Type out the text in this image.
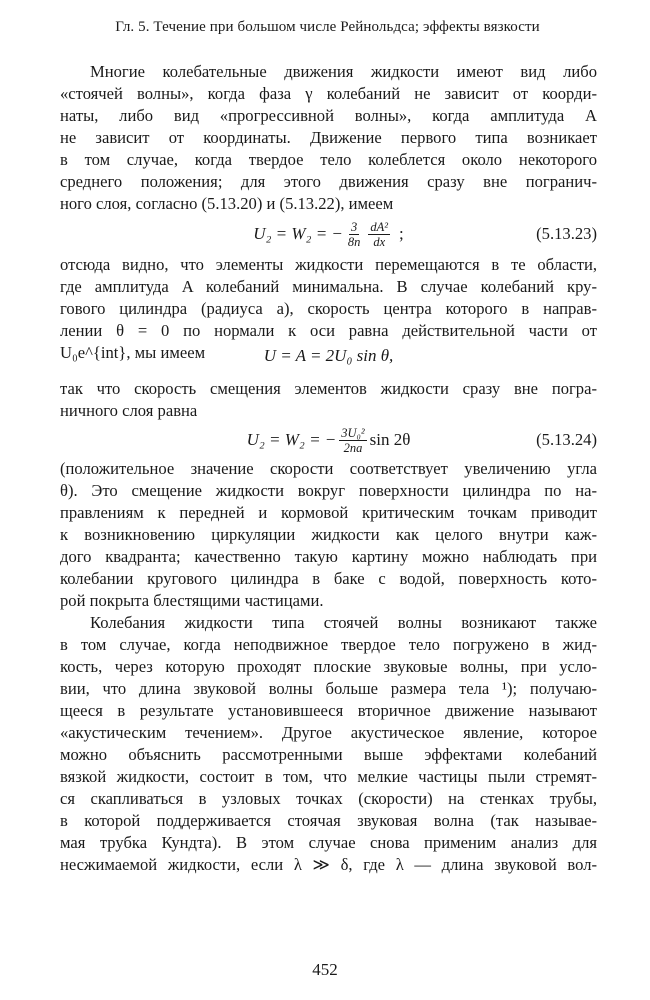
Гл. 5. Течение при большом числе Рейнольдса; эффекты вязкости
Многие колебательные движения жидкости имеют вид либо
«стоячей волны», когда фаза γ колебаний не зависит от коорди-
наты, либо вид «прогрессивной волны», когда амплитуда A
не зависит от координаты. Движение первого типа возникает
в том случае, когда твердое тело колеблется около некоторого
среднего положения; для этого движения сразу вне погранич-
ного слоя, согласно (5.13.20) и (5.13.22), имеем
U₂ = W₂ = − $\frac{3}{8n} \frac{\text{dA²}}{dx}$ ;	(5.13.23)
отсюда видно, что элементы жидкости перемещаются в те области,
где амплитуда A колебаний минимальна. В случае колебаний кру-
гового цилиндра (радиуса a), скорость центра которого в направ-
лении θ = 0 по нормали к оси равна действительной части от
U₀e^{int}, мы имеем	U = A = 2U₀ sin θ,
так что скорость смещения элементов жидкости сразу вне погра-
ничного слоя равна
U₂ = W₂ = − $\frac{\text{3U₀²}}{2na}$ sin 2θ	(5.13.24)
(положительное значение скорости соответствует увеличению угла
θ). Это смещение жидкости вокруг поверхности цилиндра по на-
правлениям к передней и кормовой критическим точкам приводит
к возникновению циркуляции жидкости как целого внутри каж-
дого квадранта; качественно такую картину можно наблюдать при
колебании кругового цилиндра в баке с водой, поверхность кото-
рой покрыта блестящими частицами.
Колебания жидкости типа стоячей волны возникают также
в том случае, когда неподвижное твердое тело погружено в жид-
кость, через которую проходят плоские звуковые волны, при усло-
вии, что длина звуковой волны больше размера тела ¹); получаю-
щееся в результате установившееся вторичное движение называют
«акустическим течением». Другое акустическое явление, которое
можно объяснить рассмотренными выше эффектами колебаний
вязкой жидкости, состоит в том, что мелкие частицы пыли стремят-
ся скапливаться в узловых точках (скорости) на стенках трубы,
в которой поддерживается стоячая звуковая волна (так называе-
мая трубка Кундта). В этом случае снова применим анализ для
несжимаемой жидкости, если λ ≫ δ, где λ — длина звуковой вол-
452
